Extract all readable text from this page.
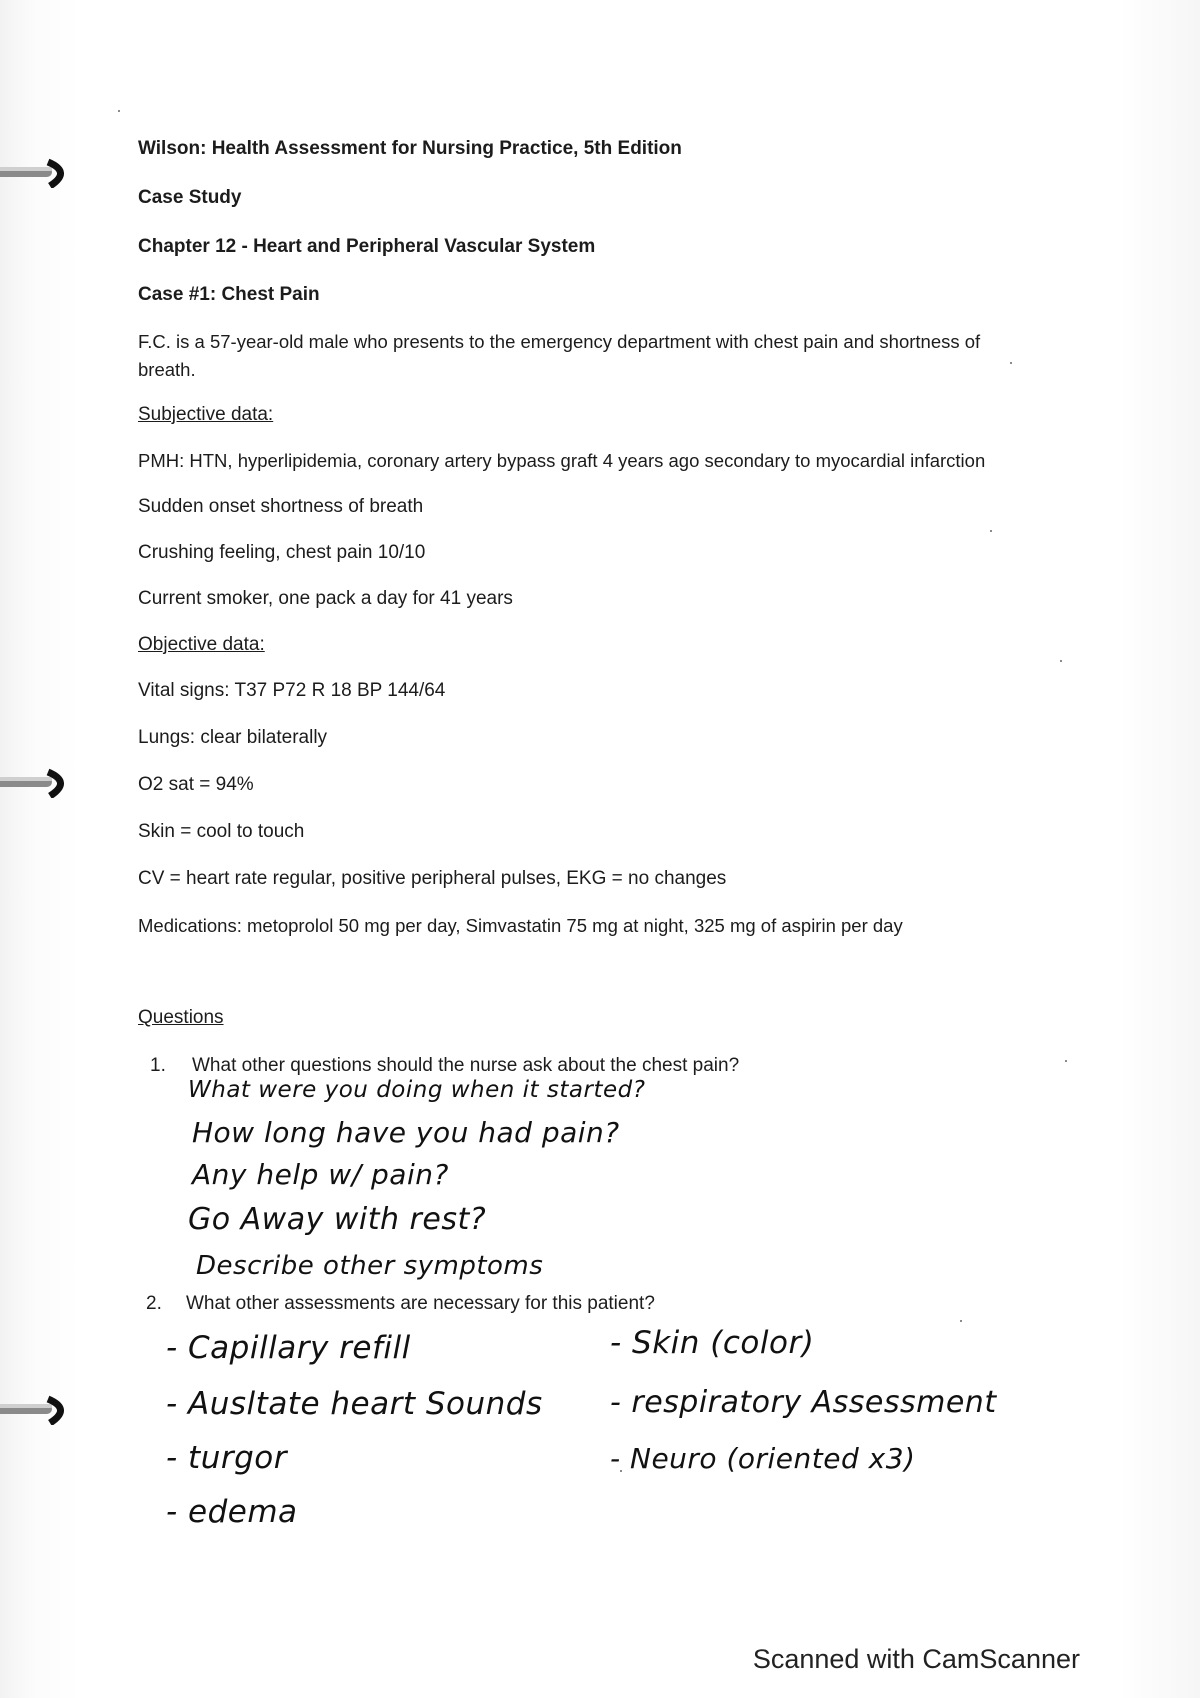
Wilson: Health Assessment for Nursing Practice, 5th Edition
Case Study
Chapter 12 - Heart and Peripheral Vascular System
Case #1: Chest Pain
F.C. is a 57-year-old male who presents to the emergency department with chest pain and shortness of
breath.
Subjective data:
PMH: HTN, hyperlipidemia, coronary artery bypass graft 4 years ago secondary to myocardial infarction
Sudden onset shortness of breath
Crushing feeling, chest pain 10/10
Current smoker, one pack a day for 41 years
Objective data:
Vital signs: T37 P72 R 18 BP 144/64
Lungs: clear bilaterally
O2 sat = 94%
Skin = cool to touch
CV = heart rate regular, positive peripheral pulses, EKG = no changes
Medications: metoprolol 50 mg per day, Simvastatin 75 mg at night, 325 mg of aspirin per day
Questions
1. What other questions should the nurse ask about the chest pain?
What were you doing when it started?
How long have you had pain?
Any help w/ pain?
Go Away with rest?
Describe other symptoms
2. What other assessments are necessary for this patient?
- Capillary refill
- Ausltate heart Sounds
- turgor
- edema
- Skin (color)
- respiratory Assessment
- Neuro (oriented x3)
Scanned with CamScanner
